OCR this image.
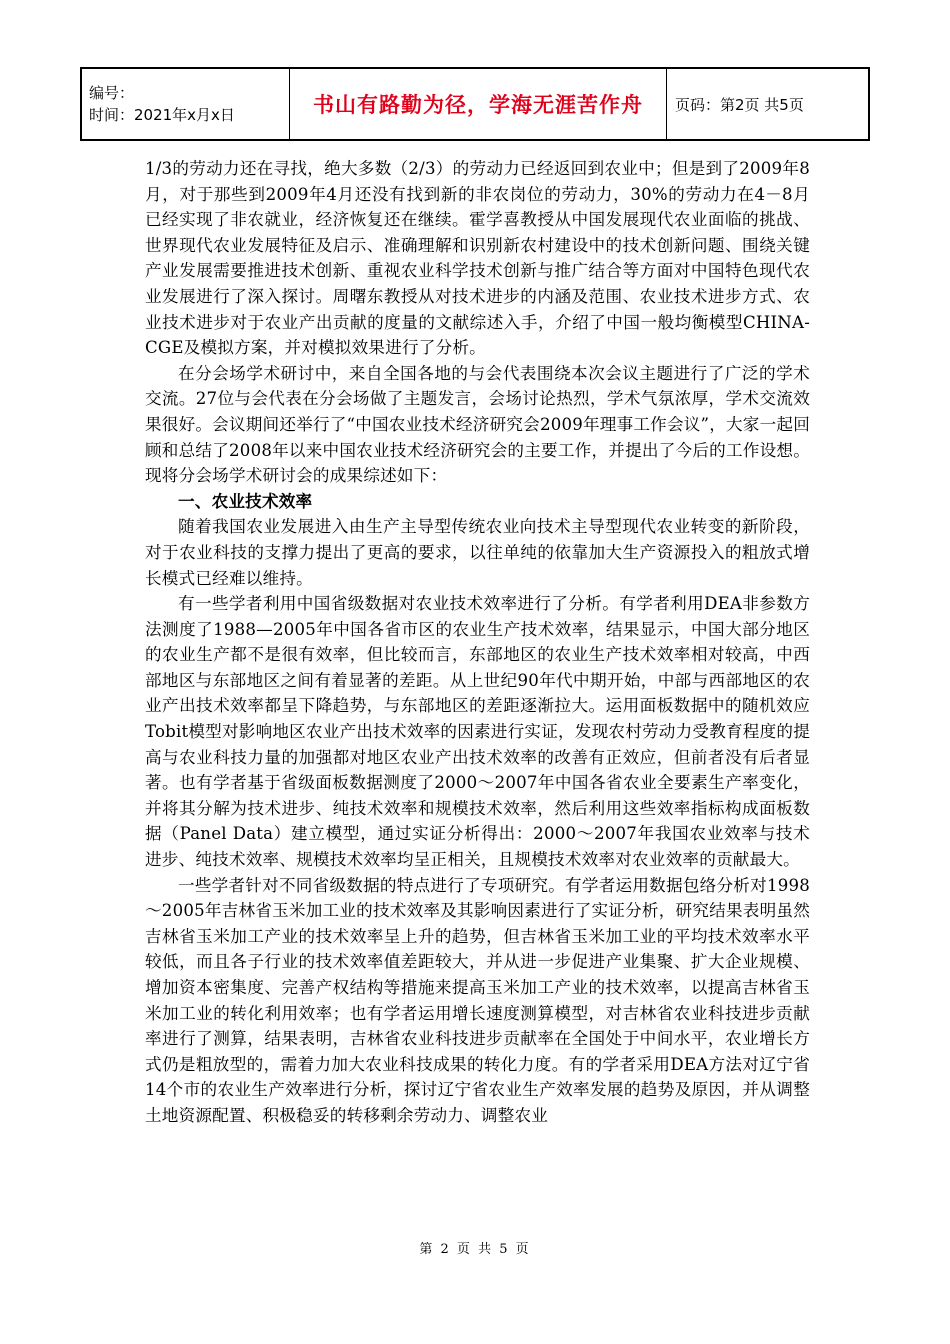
编号：
时间：2021年x月x日	书山有路勤为径，学海无涯苦作舟	页码：第2页 共5页

1/3的劳动力还在寻找，绝大多数（2/3）的劳动力已经返回到农业中；但是到了2009年8月，对于那些到2009年4月还没有找到新的非农岗位的劳动力，30%的劳动力在4－8月已经实现了非农就业，经济恢复还在继续。霍学喜教授从中国发展现代农业面临的挑战、世界现代农业发展特征及启示、准确理解和识别新农村建设中的技术创新问题、围绕关键产业发展需要推进技术创新、重视农业科学技术创新与推广结合等方面对中国特色现代农业发展进行了深入探讨。周曙东教授从对技术进步的内涵及范围、农业技术进步方式、农业技术进步对于农业产出贡献的度量的文献综述入手，介绍了中国一般均衡模型CHINA-CGE及模拟方案，并对模拟效果进行了分析。

在分会场学术研讨中，来自全国各地的与会代表围绕本次会议主题进行了广泛的学术交流。27位与会代表在分会场做了主题发言，会场讨论热烈，学术气氛浓厚，学术交流效果很好。会议期间还举行了“中国农业技术经济研究会2009年理事工作会议”，大家一起回顾和总结了2008年以来中国农业技术经济研究会的主要工作，并提出了今后的工作设想。现将分会场学术研讨会的成果综述如下：

一、农业技术效率

随着我国农业发展进入由生产主导型传统农业向技术主导型现代农业转变的新阶段，对于农业科技的支撑力提出了更高的要求，以往单纯的依靠加大生产资源投入的粗放式增长模式已经难以维持。

有一些学者利用中国省级数据对农业技术效率进行了分析。有学者利用DEA非参数方法测度了1988—2005年中国各省市区的农业生产技术效率，结果显示，中国大部分地区的农业生产都不是很有效率，但比较而言，东部地区的农业生产技术效率相对较高，中西部地区与东部地区之间有着显著的差距。从上世纪90年代中期开始，中部与西部地区的农业产出技术效率都呈下降趋势，与东部地区的差距逐渐拉大。运用面板数据中的随机效应Tobit模型对影响地区农业产出技术效率的因素进行实证，发现农村劳动力受教育程度的提高与农业科技力量的加强都对地区农业产出技术效率的改善有正效应，但前者没有后者显著。也有学者基于省级面板数据测度了2000～2007年中国各省农业全要素生产率变化，并将其分解为技术进步、纯技术效率和规模技术效率，然后利用这些效率指标构成面板数据（Panel Data）建立模型，通过实证分析得出：2000～2007年我国农业效率与技术进步、纯技术效率、规模技术效率均呈正相关，且规模技术效率对农业效率的贡献最大。

一些学者针对不同省级数据的特点进行了专项研究。有学者运用数据包络分析对1998～2005年吉林省玉米加工业的技术效率及其影响因素进行了实证分析，研究结果表明虽然吉林省玉米加工产业的技术效率呈上升的趋势，但吉林省玉米加工业的平均技术效率水平较低，而且各子行业的技术效率值差距较大，并从进一步促进产业集聚、扩大企业规模、增加资本密集度、完善产权结构等措施来提高玉米加工产业的技术效率，以提高吉林省玉米加工业的转化利用效率；也有学者运用增长速度测算模型，对吉林省农业科技进步贡献率进行了测算，结果表明，吉林省农业科技进步贡献率在全国处于中间水平，农业增长方式仍是粗放型的，需着力加大农业科技成果的转化力度。有的学者采用DEA方法对辽宁省14个市的农业生产效率进行分析，探讨辽宁省农业生产效率发展的趋势及原因，并从调整土地资源配置、积极稳妥的转移剩余劳动力、调整农业

第 2 页 共 5 页
